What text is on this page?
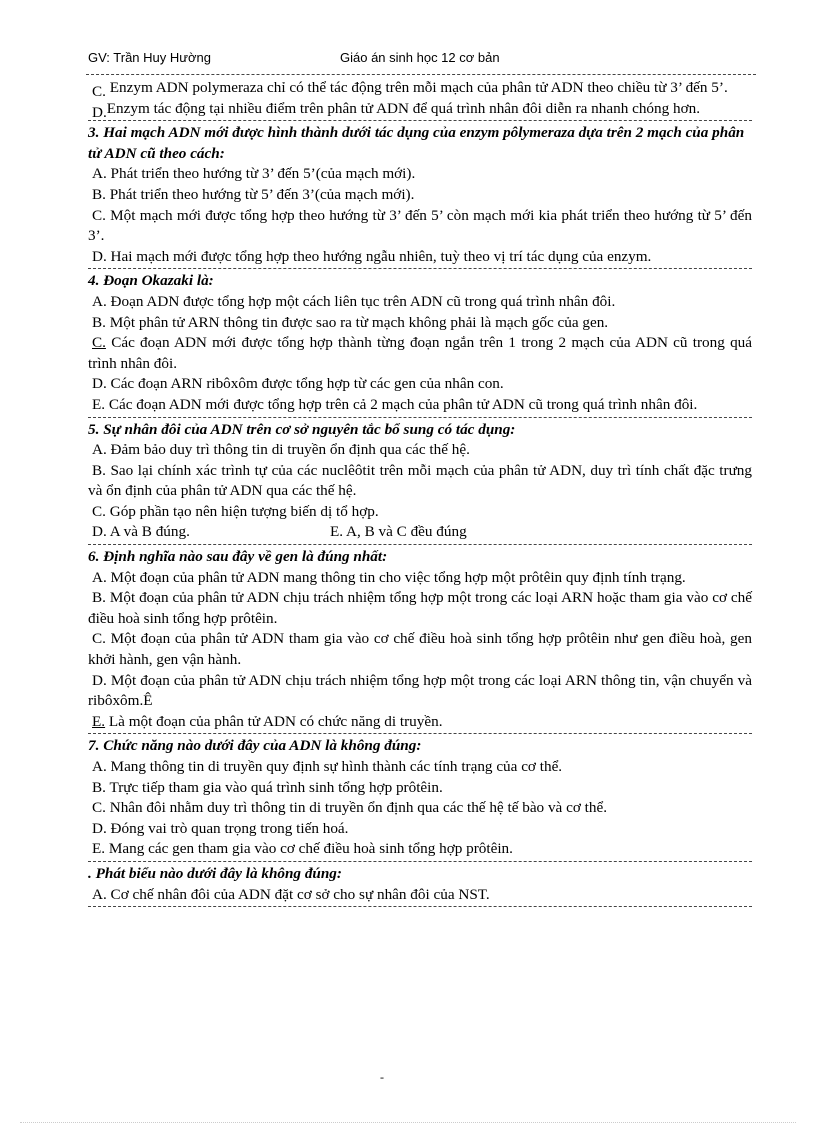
GV: Trần Huy Hường	Giáo án sinh học 12 cơ bản
C. Enzym ADN polymeraza chỉ có thể tác động trên mỗi mạch của phân tử ADN theo chiều từ 3’ đến 5’.
D.Enzym tác động tại nhiều điểm trên phân tử ADN để quá trình nhân đôi diễn ra nhanh chóng hơn.
3. Hai mạch ADN mới được hình thành dưới tác dụng của enzym pôlymeraza dựa trên 2 mạch của phân tử ADN cũ theo cách:
A. Phát triển theo hướng từ 3’ đến 5’(của mạch mới).
B. Phát triển theo hướng từ 5’ đến 3’(của mạch mới).
C. Một mạch mới được tổng hợp theo hướng từ 3’ đến 5’ còn mạch mới kia phát triển theo hướng từ 5’ đến 3’.
D. Hai mạch mới được tổng hợp theo hướng ngẫu nhiên, tuỳ theo vị trí tác dụng của enzym.
4. Đoạn Okazaki là:
A. Đoạn ADN được tổng hợp một cách liên tục trên ADN cũ trong quá trình nhân đôi.
B. Một phân tử ARN thông tin được sao ra từ mạch không phải là mạch gốc của gen.
C. Các đoạn ADN mới được tổng hợp thành từng đoạn ngắn trên 1 trong 2 mạch của ADN cũ trong quá trình nhân đôi.
D. Các đoạn ARN ribôxôm được tổng hợp từ các gen của nhân con.
E. Các đoạn ADN mới được tổng hợp trên cả 2 mạch của phân tử ADN cũ trong quá trình nhân đôi.
5. Sự nhân đôi của ADN trên cơ sở nguyên tắc bổ sung có tác dụng:
A. Đảm bảo duy trì thông tin di truyền ổn định qua các thế hệ.
B. Sao lại chính xác trình tự của các nuclêôtit trên mỗi mạch của phân tử ADN, duy trì tính chất đặc trưng và ổn định của phân tử ADN qua các thế hệ.
C. Góp phần tạo nên hiện tượng biến dị tổ hợp.
D. A và B đúng.	E. A, B và C đều đúng
6. Định nghĩa nào sau đây về gen là đúng nhất:
A. Một đoạn của phân tử ADN mang thông tin cho việc tổng hợp một prôtêin quy định tính trạng.
B. Một đoạn của phân tử ADN chịu trách nhiệm tổng hợp một trong các loại ARN hoặc tham gia vào cơ chế điều hoà sinh tổng hợp prôtêin.
C. Một đoạn của phân tử ADN tham gia vào cơ chế điều hoà sinh tổng hợp prôtêin như gen điều hoà, gen khởi hành, gen vận hành.
D. Một đoạn của phân tử ADN chịu trách nhiệm tổng hợp một trong các loại ARN thông tin, vận chuyển và ribôxôm.Ê
E. Là một đoạn của phân tử ADN có chức năng di truyền.
7. Chức năng nào dưới đây của ADN là không đúng:
A. Mang thông tin di truyền quy định sự hình thành các tính trạng của cơ thể.
B. Trực tiếp tham gia vào quá trình sinh tổng hợp prôtêin.
C. Nhân đôi nhằm duy trì thông tin di truyền ổn định qua các thế hệ tế bào và cơ thể.
D. Đóng vai trò quan trọng trong tiến hoá.
E. Mang các gen tham gia vào cơ chế điều hoà sinh tổng hợp prôtêin.
. Phát biểu nào dưới đây là không đúng:
A. Cơ chế nhân đôi của ADN đặt cơ sở cho sự nhân đôi của NST.
-
